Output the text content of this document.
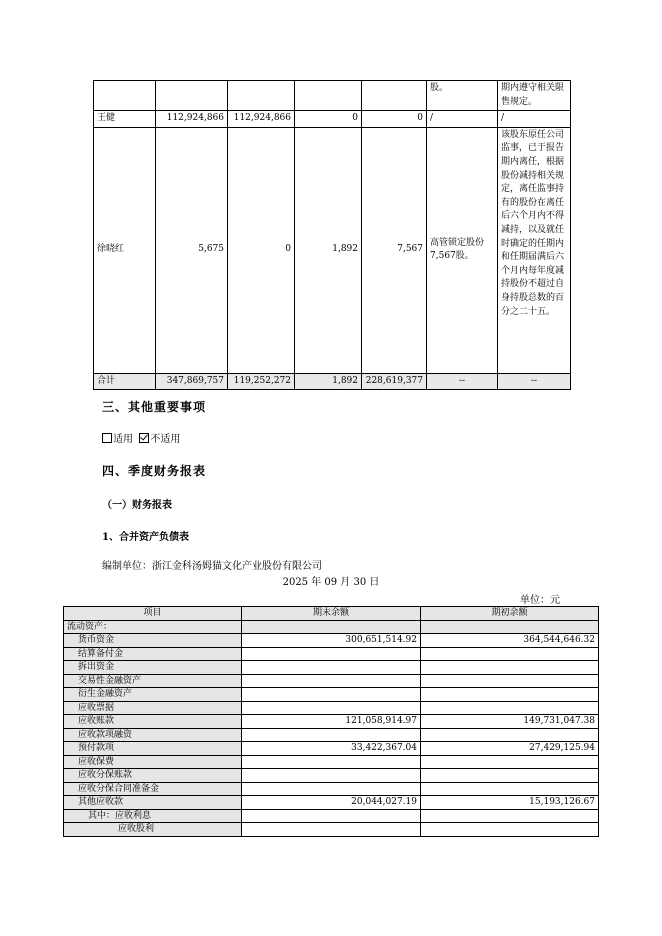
					股。	期内遵守相关限售规定。
王健	112,924,866	112,924,866	0	0	/	/
徐晓红	5,675	0	1,892	7,567	高管锁定股份7,567股。	该股东原任公司监事，已于报告期内离任，根据股份减持相关规定，离任监事持有的股份在离任后六个月内不得减持，以及就任时确定的任期内和任期届满后六个月内每年度减持股份不超过自身持股总数的百分之二十五。
合计	347,869,757	119,252,272	1,892	228,619,377	--	--
三、其他重要事项
适用 不适用
四、季度财务报表
（一）财务报表
1、合并资产负债表
编制单位：浙江金科汤姆猫文化产业股份有限公司
2025 年 09 月 30 日
单位：元
项目	期末余额	期初余额
流动资产：		
货币资金	300,651,514.92	364,544,646.32
结算备付金		
拆出资金		
交易性金融资产		
衍生金融资产		
应收票据		
应收账款	121,058,914.97	149,731,047.38
应收款项融资		
预付款项	33,422,367.04	27,429,125.94
应收保费		
应收分保账款		
应收分保合同准备金		
其他应收款	20,044,027.19	15,193,126.67
其中：应收利息		
应收股利		
